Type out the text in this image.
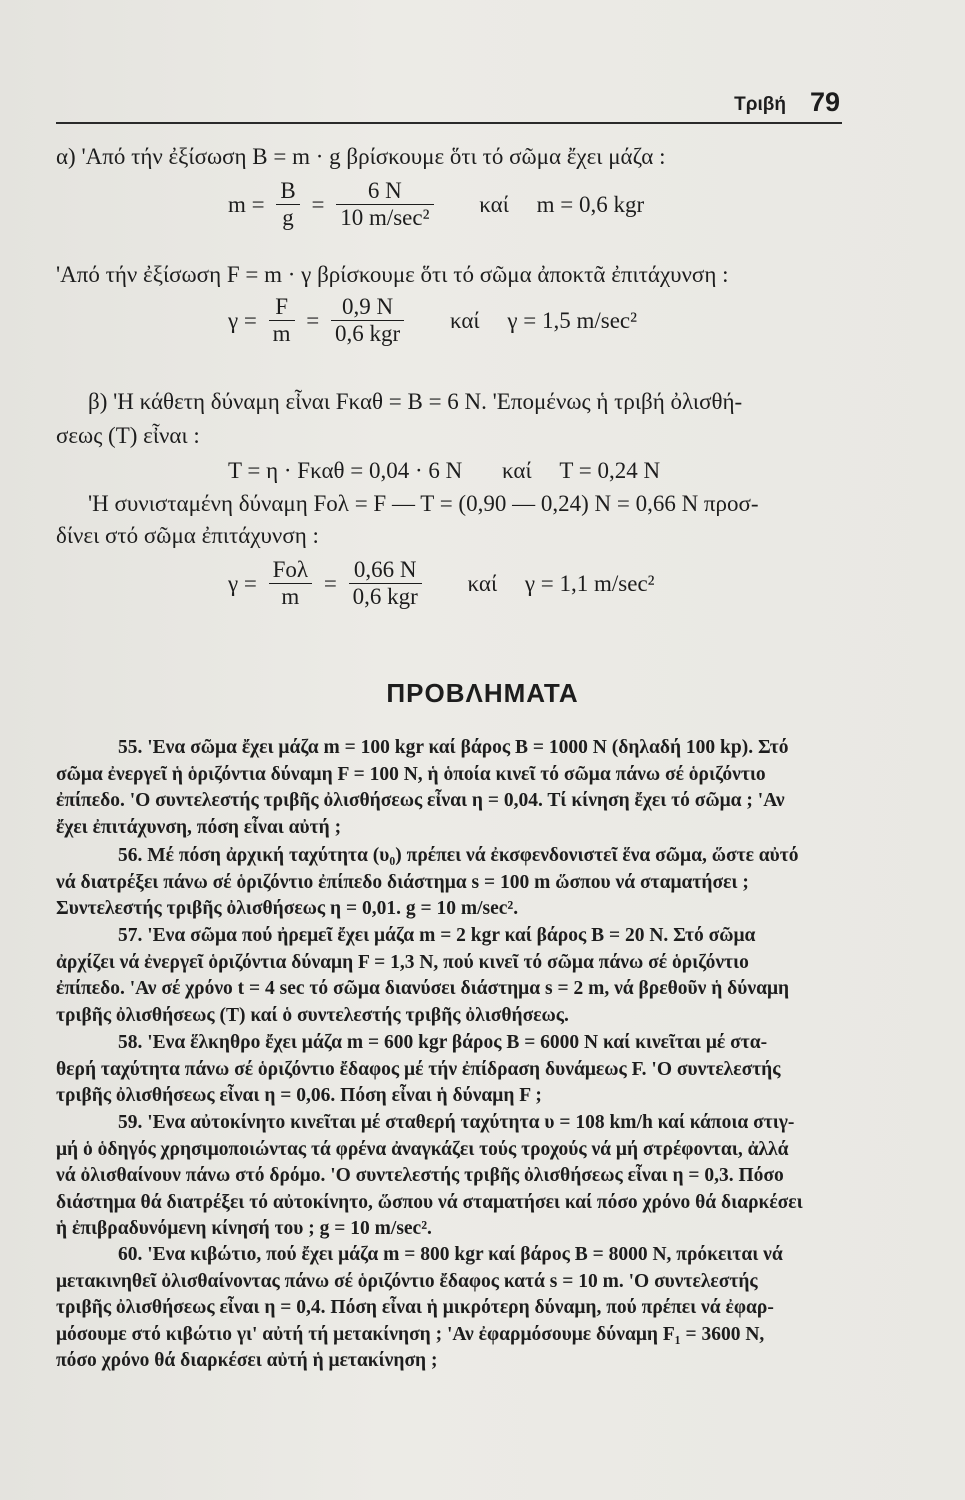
Τριβή 79
α) 'Από τήν ἐξίσωση B = m · g βρίσκουμε ὅτι τό σῶμα ἔχει μάζα :
$m = \frac{B}{g} = \frac{6 N}{\text{10 m/sec²}}$ καί m = 0,6 kgr
'Από τήν ἐξίσωση F = m · γ βρίσκουμε ὅτι τό σῶμα ἀποκτᾶ ἐπιτάχυνση :
$\gamma = \frac{F}{m} = \frac{0,9 N}{\text{0,6 kgr}}$ καί γ = 1,5 m/sec²
β) 'Η κάθετη δύναμη εἶναι Fκαθ = B = 6 N. 'Επομένως ἡ τριβή ὀλισθή-
σεως (T) εἶναι :
T = η · Fκαθ = 0,04 · 6 N καί T = 0,24 N
'Η συνισταμένη δύναμη Fολ = F — T = (0,90 — 0,24) N = 0,66 N προσ-
δίνει στό σῶμα ἐπιτάχυνση :
$\gamma = \frac{\text{Fολ}}{m} = \frac{0,66 N}{\text{0,6 kgr}}$ καί γ = 1,1 m/sec²
ΠΡΟΒΛΗΜΑΤΑ
55. 'Ενα σῶμα ἔχει μάζα m = 100 kgr καί βάρος B = 1000 N (δηλαδή 100 kp). Στό
σῶμα ἐνεργεῖ ἡ ὁριζόντια δύναμη F = 100 N, ἡ ὁποία κινεῖ τό σῶμα πάνω σέ ὁριζόντιο
ἐπίπεδο. 'Ο συντελεστής τριβῆς ὀλισθήσεως εἶναι η = 0,04. Τί κίνηση ἔχει τό σῶμα ; 'Αν
ἔχει ἐπιτάχυνση, πόση εἶναι αὐτή ;
56. Μέ πόση ἀρχική ταχύτητα (υ₀) πρέπει νά ἐκσφενδονιστεῖ ἕνα σῶμα, ὥστε αὐτό
νά διατρέξει πάνω σέ ὁριζόντιο ἐπίπεδο διάστημα s = 100 m ὥσπου νά σταματήσει ;
Συντελεστής τριβῆς ὀλισθήσεως η = 0,01. g = 10 m/sec².
57. 'Ενα σῶμα πού ἠρεμεῖ ἔχει μάζα m = 2 kgr καί βάρος B = 20 N. Στό σῶμα
ἀρχίζει νά ἐνεργεῖ ὁριζόντια δύναμη F = 1,3 N, πού κινεῖ τό σῶμα πάνω σέ ὁριζόντιο
ἐπίπεδο. 'Αν σέ χρόνο t = 4 sec τό σῶμα διανύσει διάστημα s = 2 m, νά βρεθοῦν ἡ δύναμη
τριβῆς ὀλισθήσεως (T) καί ὁ συντελεστής τριβῆς ὀλισθήσεως.
58. 'Ενα ἕλκηθρο ἔχει μάζα m = 600 kgr βάρος B = 6000 N καί κινεῖται μέ στα-
θερή ταχύτητα πάνω σέ ὁριζόντιο ἔδαφος μέ τήν ἐπίδραση δυνάμεως F. 'Ο συντελεστής
τριβῆς ὀλισθήσεως εἶναι η = 0,06. Πόση εἶναι ἡ δύναμη F ;
59. 'Ενα αὐτοκίνητο κινεῖται μέ σταθερή ταχύτητα υ = 108 km/h καί κάποια στιγ-
μή ὁ ὁδηγός χρησιμοποιώντας τά φρένα ἀναγκάζει τούς τροχούς νά μή στρέφονται, ἀλλά
νά ὀλισθαίνουν πάνω στό δρόμο. 'Ο συντελεστής τριβῆς ὀλισθήσεως εἶναι η = 0,3. Πόσο
διάστημα θά διατρέξει τό αὐτοκίνητο, ὥσπου νά σταματήσει καί πόσο χρόνο θά διαρκέσει
ἡ ἐπιβραδυνόμενη κίνησή του ; g = 10 m/sec².
60. 'Ενα κιβώτιο, πού ἔχει μάζα m = 800 kgr καί βάρος B = 8000 N, πρόκειται νά
μετακινηθεῖ ὀλισθαίνοντας πάνω σέ ὁριζόντιο ἔδαφος κατά s = 10 m. 'Ο συντελεστής
τριβῆς ὀλισθήσεως εἶναι η = 0,4. Πόση εἶναι ἡ μικρότερη δύναμη, πού πρέπει νά ἐφαρ-
μόσουμε στό κιβώτιο γι' αὐτή τή μετακίνηση ; 'Αν ἐφαρμόσουμε δύναμη F₁ = 3600 N,
πόσο χρόνο θά διαρκέσει αὐτή ἡ μετακίνηση ;
